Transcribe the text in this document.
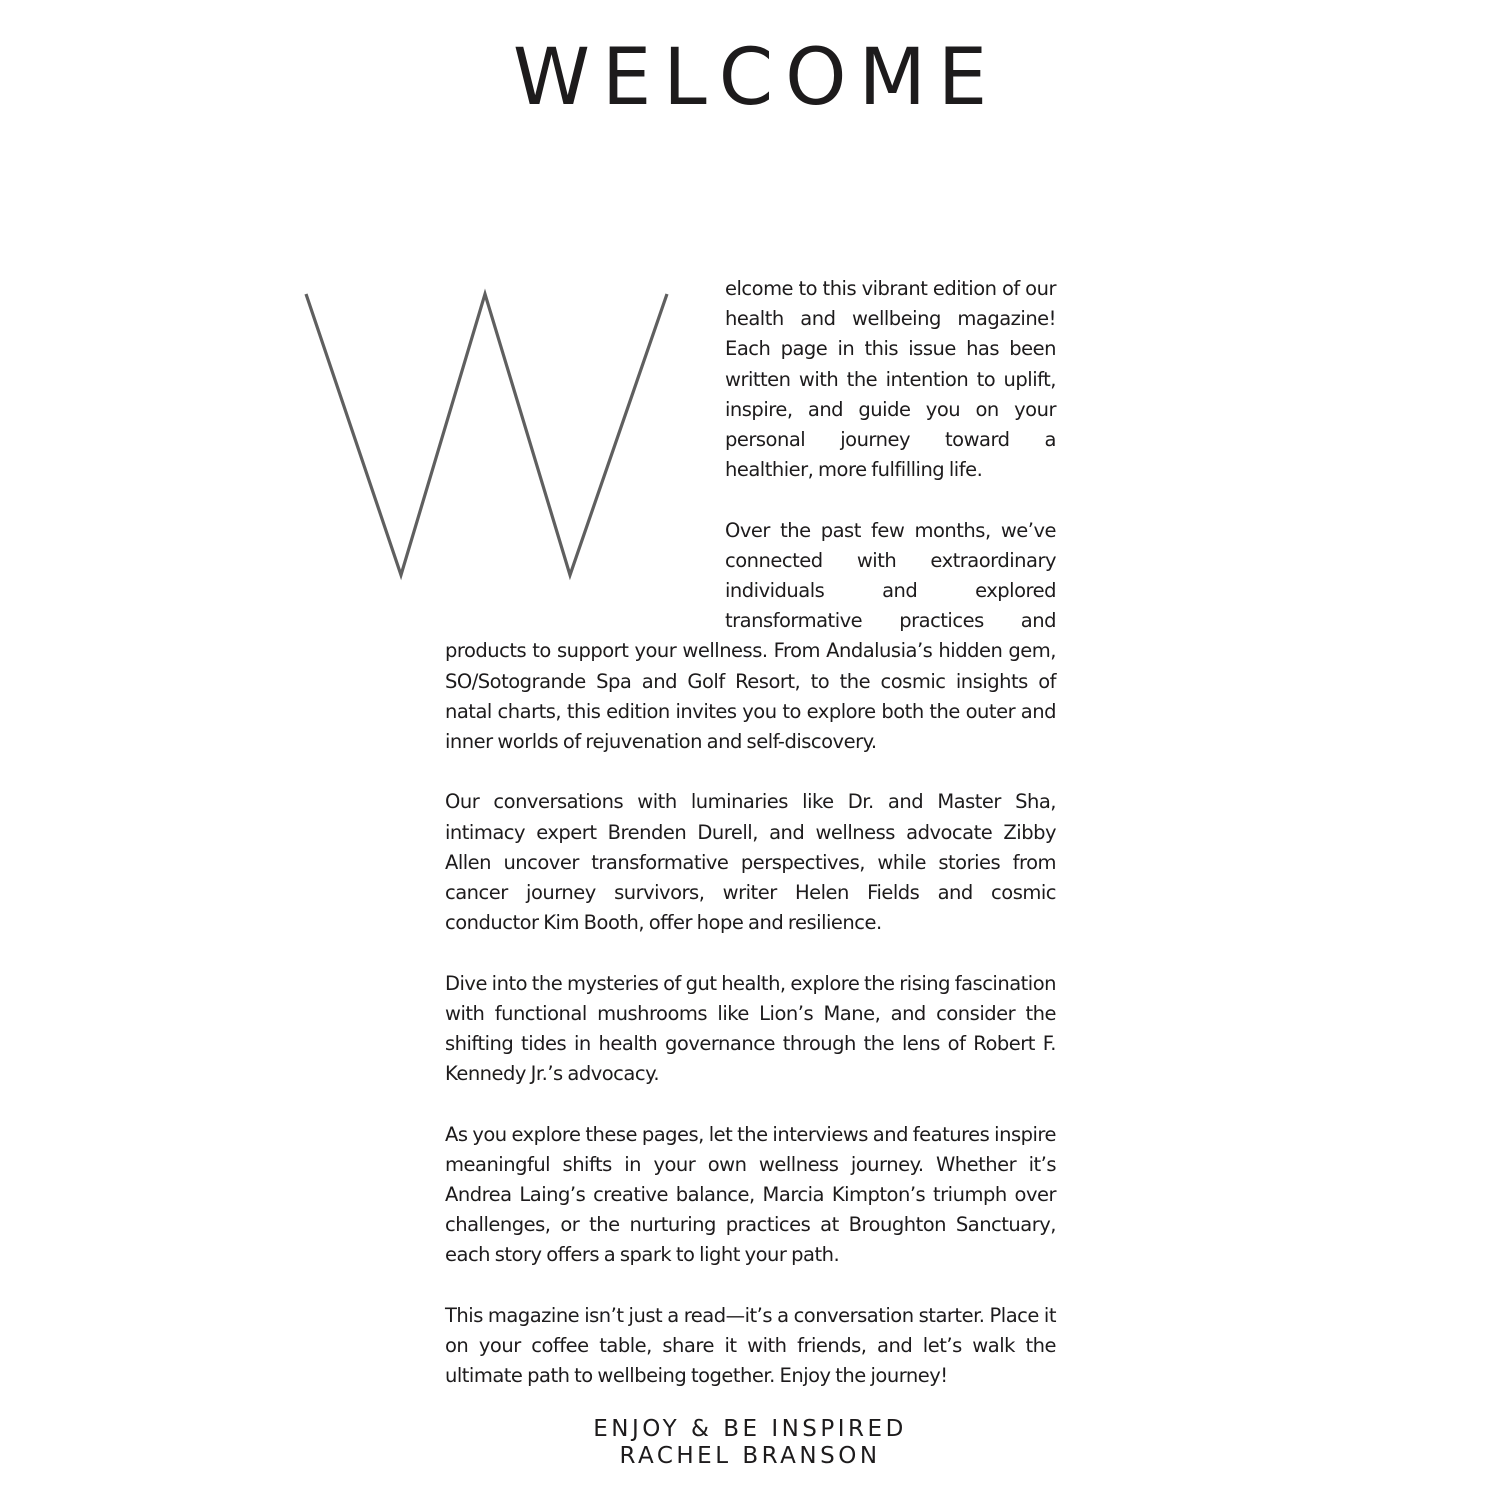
WELCOME

elcome to this vibrant edition of our health and wellbeing magazine! Each page in this issue has been written with the intention to uplift, inspire, and guide you on your personal journey toward a healthier, more fulfilling life.

Over the past few months, we’ve connected with extraordinary individuals and explored transformative practices and products to support your wellness. From Andalusia’s hidden gem, SO/Sotogrande Spa and Golf Resort, to the cosmic insights of natal charts, this edition invites you to explore both the outer and inner worlds of rejuvenation and self-discovery.

Our conversations with luminaries like Dr. and Master Sha, intimacy expert Brenden Durell, and wellness advocate Zibby Allen uncover transformative perspectives, while stories from cancer journey survivors, writer Helen Fields and cosmic conductor Kim Booth, offer hope and resilience.

Dive into the mysteries of gut health, explore the rising fascination with functional mushrooms like Lion’s Mane, and consider the shifting tides in health governance through the lens of Robert F. Kennedy Jr.’s advocacy.

As you explore these pages, let the interviews and features inspire meaningful shifts in your own wellness journey. Whether it’s Andrea Laing’s creative balance, Marcia Kimpton’s triumph over challenges, or the nurturing practices at Broughton Sanctuary, each story offers a spark to light your path.

This magazine isn’t just a read—it’s a conversation starter. Place it on your coffee table, share it with friends, and let’s walk the ultimate path to wellbeing together. Enjoy the journey!

ENJOY & BE INSPIRED
RACHEL BRANSON
